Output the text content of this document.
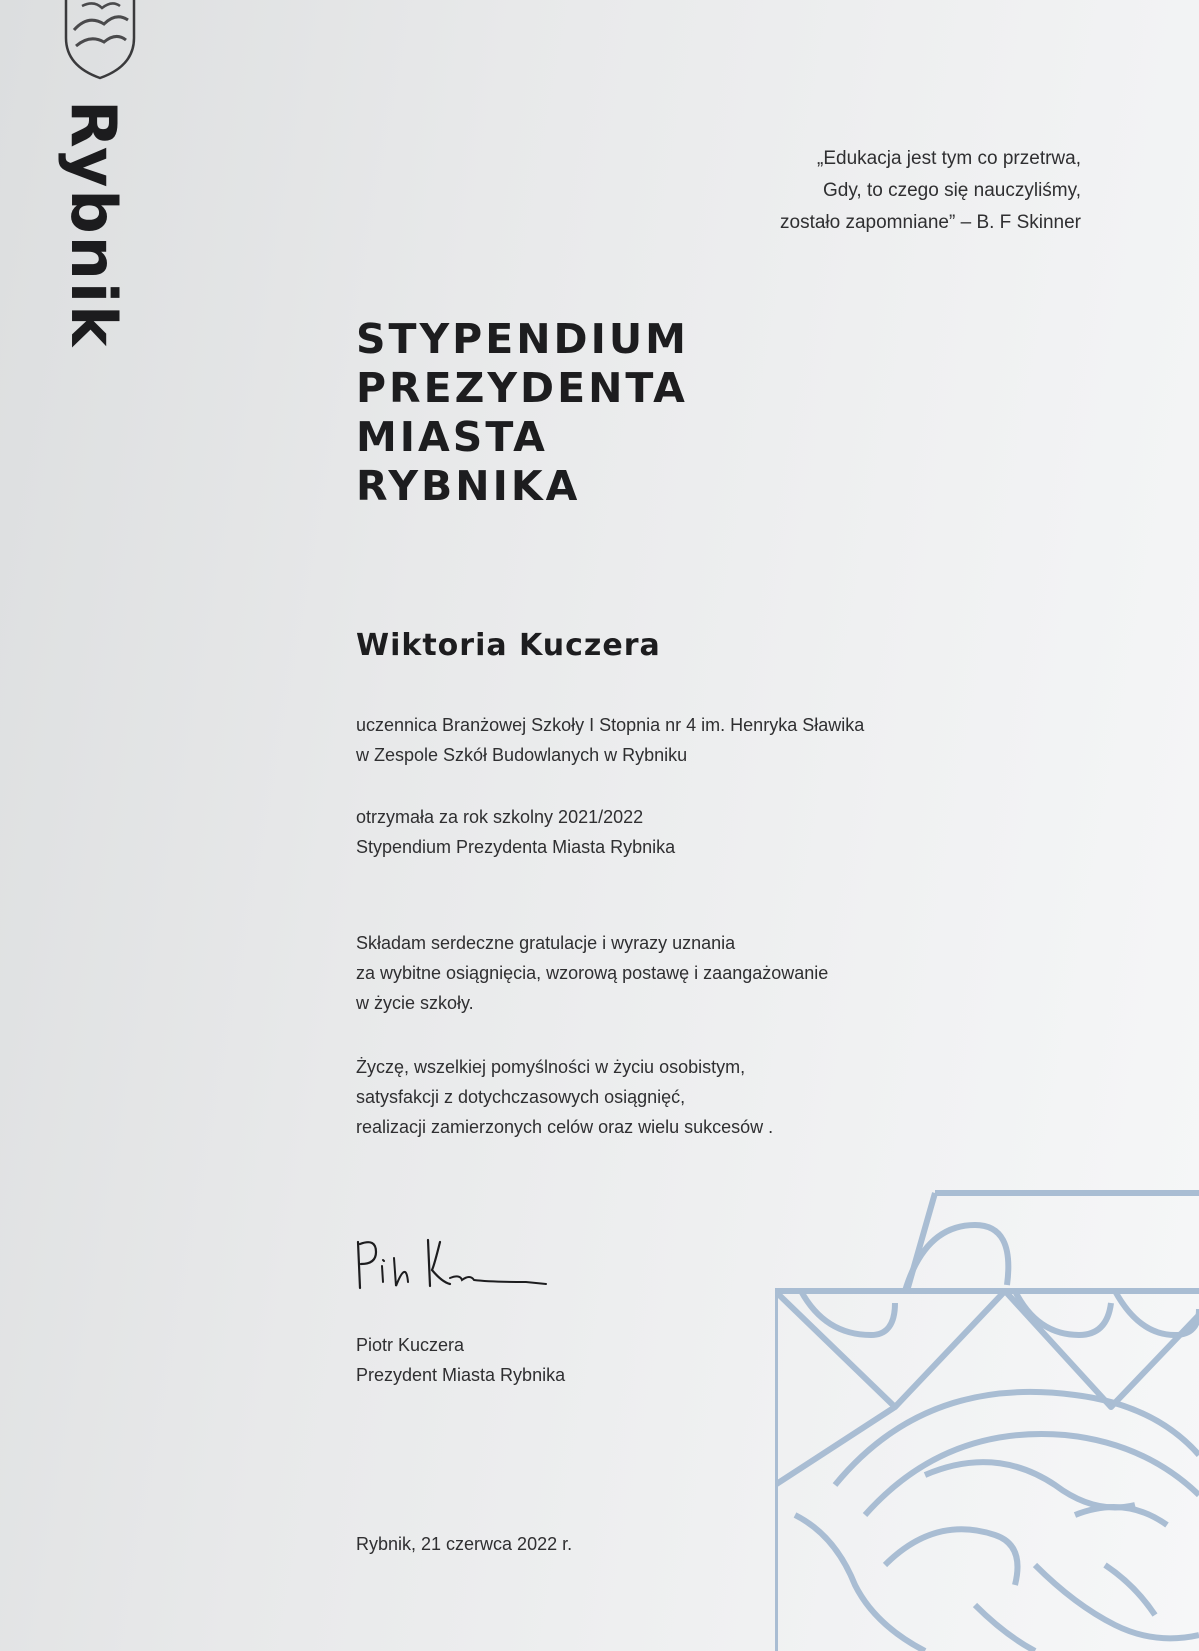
Rybnik	„Edukacja jest tym co przetrwa,
Gdy, to czego się nauczyliśmy,
zostało zapomniane” – B. F Skinner
STYPENDIUM
PREZYDENTA
MIASTA
RYBNIKA
Wiktoria Kuczera
uczennica Branżowej Szkoły I Stopnia nr 4 im. Henryka Sławika
w Zespole Szkół Budowlanych w Rybniku
otrzymała za rok szkolny 2021/2022
Stypendium Prezydenta Miasta Rybnika
Składam serdeczne gratulacje i wyrazy uznania
za wybitne osiągnięcia, wzorową postawę i zaangażowanie
w życie szkoły.
Życzę, wszelkiej pomyślności w życiu osobistym,
satysfakcji z dotychczasowych osiągnięć,
realizacji zamierzonych celów oraz wielu sukcesów .
Piotr Kuczera
Prezydent Miasta Rybnika
Rybnik, 21 czerwca 2022 r.
